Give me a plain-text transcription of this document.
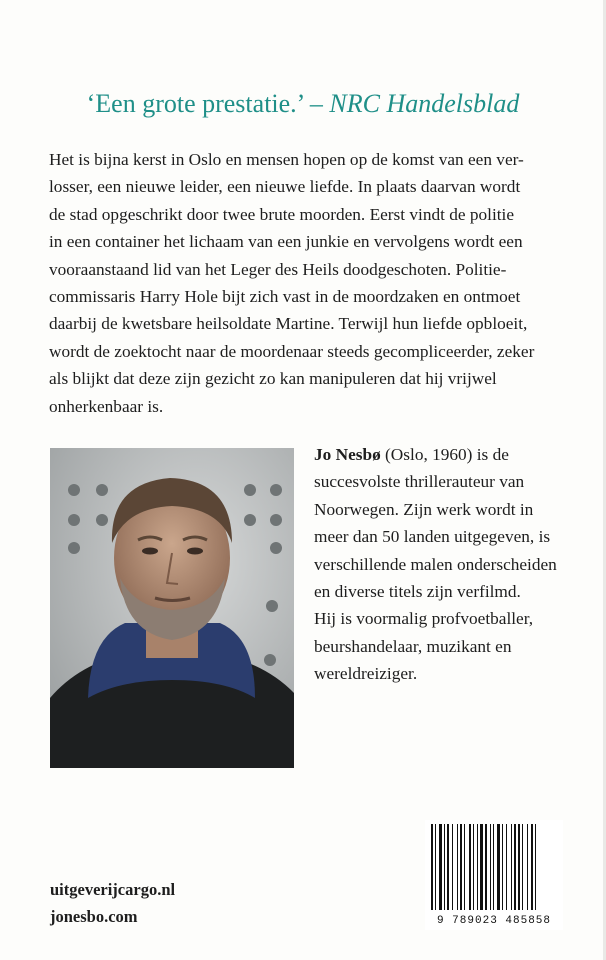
‘Een grote prestatie.’ – NRC Handelsblad

Het is bijna kerst in Oslo en mensen hopen op de komst van een ver-
losser, een nieuwe leider, een nieuwe liefde. In plaats daarvan wordt
de stad opgeschrikt door twee brute moorden. Eerst vindt de politie
in een container het lichaam van een junkie en vervolgens wordt een
vooraanstaand lid van het Leger des Heils doodgeschoten. Politie-
commissaris Harry Hole bijt zich vast in de moordzaken en ontmoet
daarbij de kwetsbare heilsoldate Martine. Terwijl hun liefde opbloeit,
wordt de zoektocht naar de moordenaar steeds gecompliceerder, zeker
als blijkt dat deze zijn gezicht zo kan manipuleren dat hij vrijwel
onherkenbaar is.

Jo Nesbø (Oslo, 1960) is de
succesvolste thrillerauteur van
Noorwegen. Zijn werk wordt in
meer dan 50 landen uitgegeven, is
verschillende malen onderscheiden
en diverse titels zijn verfilmd.
Hij is voormalig profvoetballer,
beurshandelaar, muzikant en
wereldreiziger.

uitgeverijcargo.nl
jonesbo.com	9 789023 485858
